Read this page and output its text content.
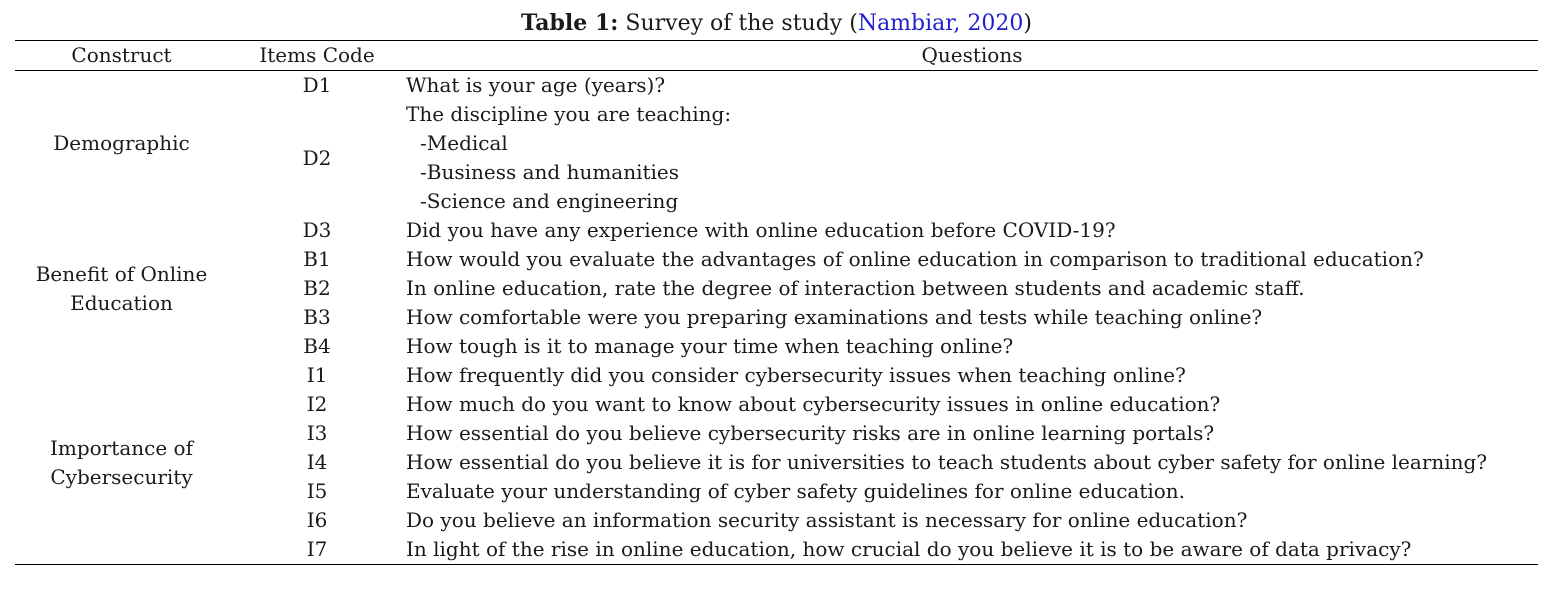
Table 1: Survey of the study (Nambiar, 2020)
Construct	Items Code	Questions
Demographic	D1	What is your age (years)?
	D2	The discipline you are teaching:
-Medical
-Business and humanities
-Science and engineering

Benefit of Online
Education	D3	Did you have any experience with online education before COVID-19?
	B1	How would you evaluate the advantages of online education in comparison to traditional education?
	B2	In online education, rate the degree of interaction between students and academic staff.
	B3	How comfortable were you preparing examinations and tests while teaching online?
	B4	How tough is it to manage your time when teaching online?
Importance of
Cybersecurity	I1	How frequently did you consider cybersecurity issues when teaching online?
	I2	How much do you want to know about cybersecurity issues in online education?
	I3	How essential do you believe cybersecurity risks are in online learning portals?
	I4	How essential do you believe it is for universities to teach students about cyber safety for online learning?
	I5	Evaluate your understanding of cyber safety guidelines for online education.
	I6	Do you believe an information security assistant is necessary for online education?
	I7	In light of the rise in online education, how crucial do you believe it is to be aware of data privacy?
